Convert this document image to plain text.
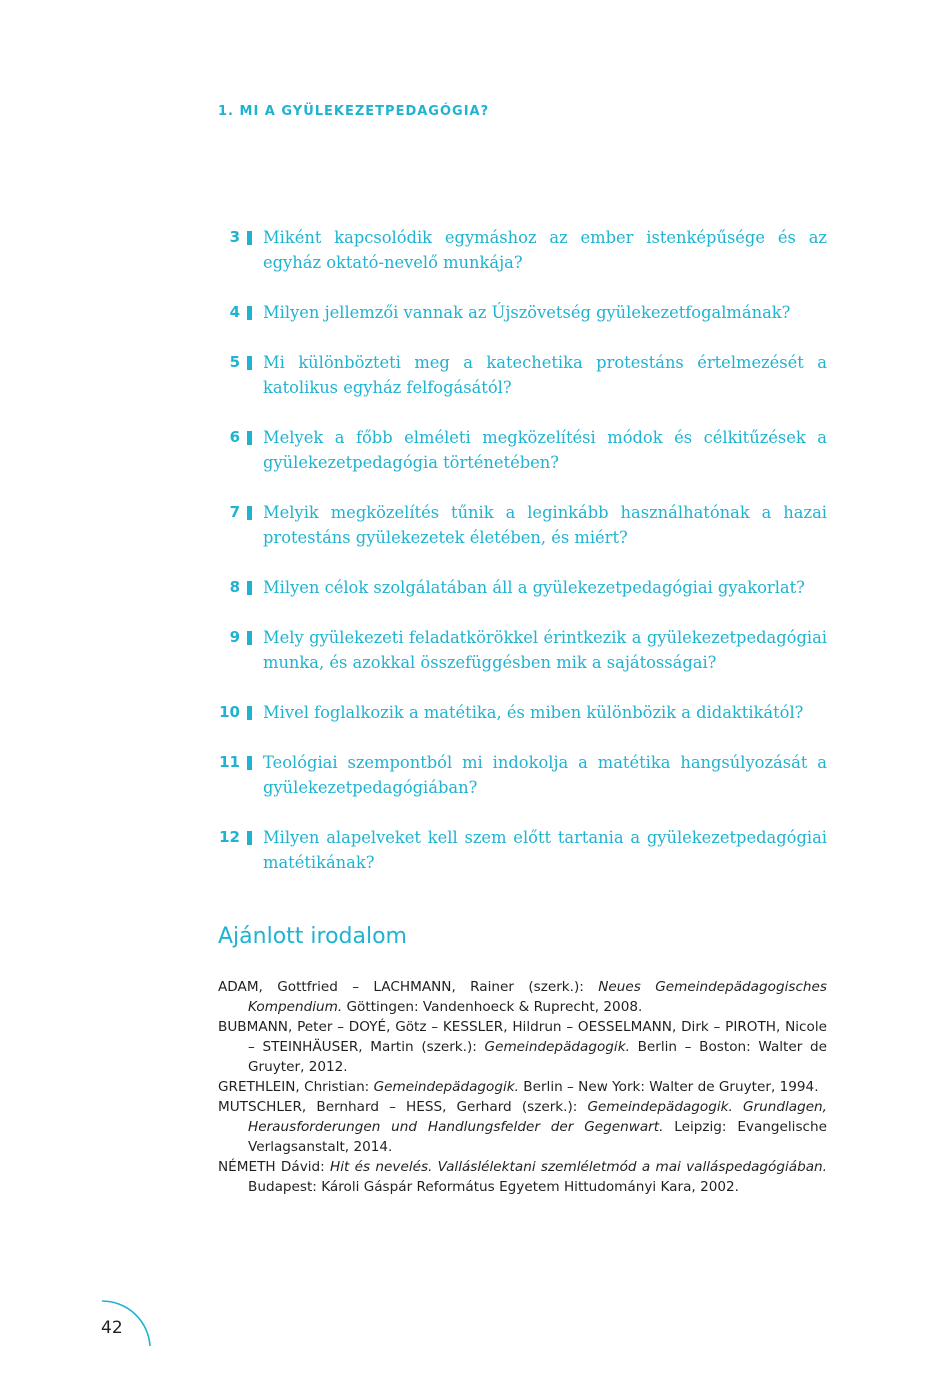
1. MI A GYÜLEKEZETPEDAGÓGIA?
3 Miként kapcsolódik egymáshoz az ember istenképűsége és az egyház oktató-nevelő munkája?
4 Milyen jellemzői vannak az Újszövetség gyülekezetfogalmának?
5 Mi különbözteti meg a katechetika protestáns értelmezését a katolikus egyház felfogásától?
6 Melyek a főbb elméleti megközelítési módok és célkitűzések a gyülekezetpedagógia történetében?
7 Melyik megközelítés tűnik a leginkább használhatónak a hazai protestáns gyülekezetek életében, és miért?
8 Milyen célok szolgálatában áll a gyülekezetpedagógiai gyakorlat?
9 Mely gyülekezeti feladatkörökkel érintkezik a gyülekezetpedagógiai munka, és azokkal összefüggésben mik a sajátosságai?
10 Mivel foglalkozik a matétika, és miben különbözik a didaktikától?
11 Teológiai szempontból mi indokolja a matétika hangsúlyozását a gyülekezetpedagógiában?
12 Milyen alapelveket kell szem előtt tartania a gyülekezetpedagógiai matétikának?
Ajánlott irodalom
ADAM, Gottfried – LACHMANN, Rainer (szerk.): Neues Gemeindepädagogisches Kompendium. Göttingen: Vandenhoeck & Ruprecht, 2008.
BUBMANN, Peter – DOYÉ, Götz – KESSLER, Hildrun – OESSELMANN, Dirk – PIROTH, Nicole – STEINHÄUSER, Martin (szerk.): Gemeindepädagogik. Berlin – Boston: Walter de Gruyter, 2012.
GRETHLEIN, Christian: Gemeindepädagogik. Berlin – New York: Walter de Gruyter, 1994.
MUTSCHLER, Bernhard – HESS, Gerhard (szerk.): Gemeindepädagogik. Grundlagen, Herausforderungen und Handlungsfelder der Gegenwart. Leipzig: Evangelische Verlagsanstalt, 2014.
NÉMETH Dávid: Hit és nevelés. Valláslélektani szemléletmód a mai valláspedagógiában. Budapest: Károli Gáspár Református Egyetem Hittudományi Kara, 2002.
42
